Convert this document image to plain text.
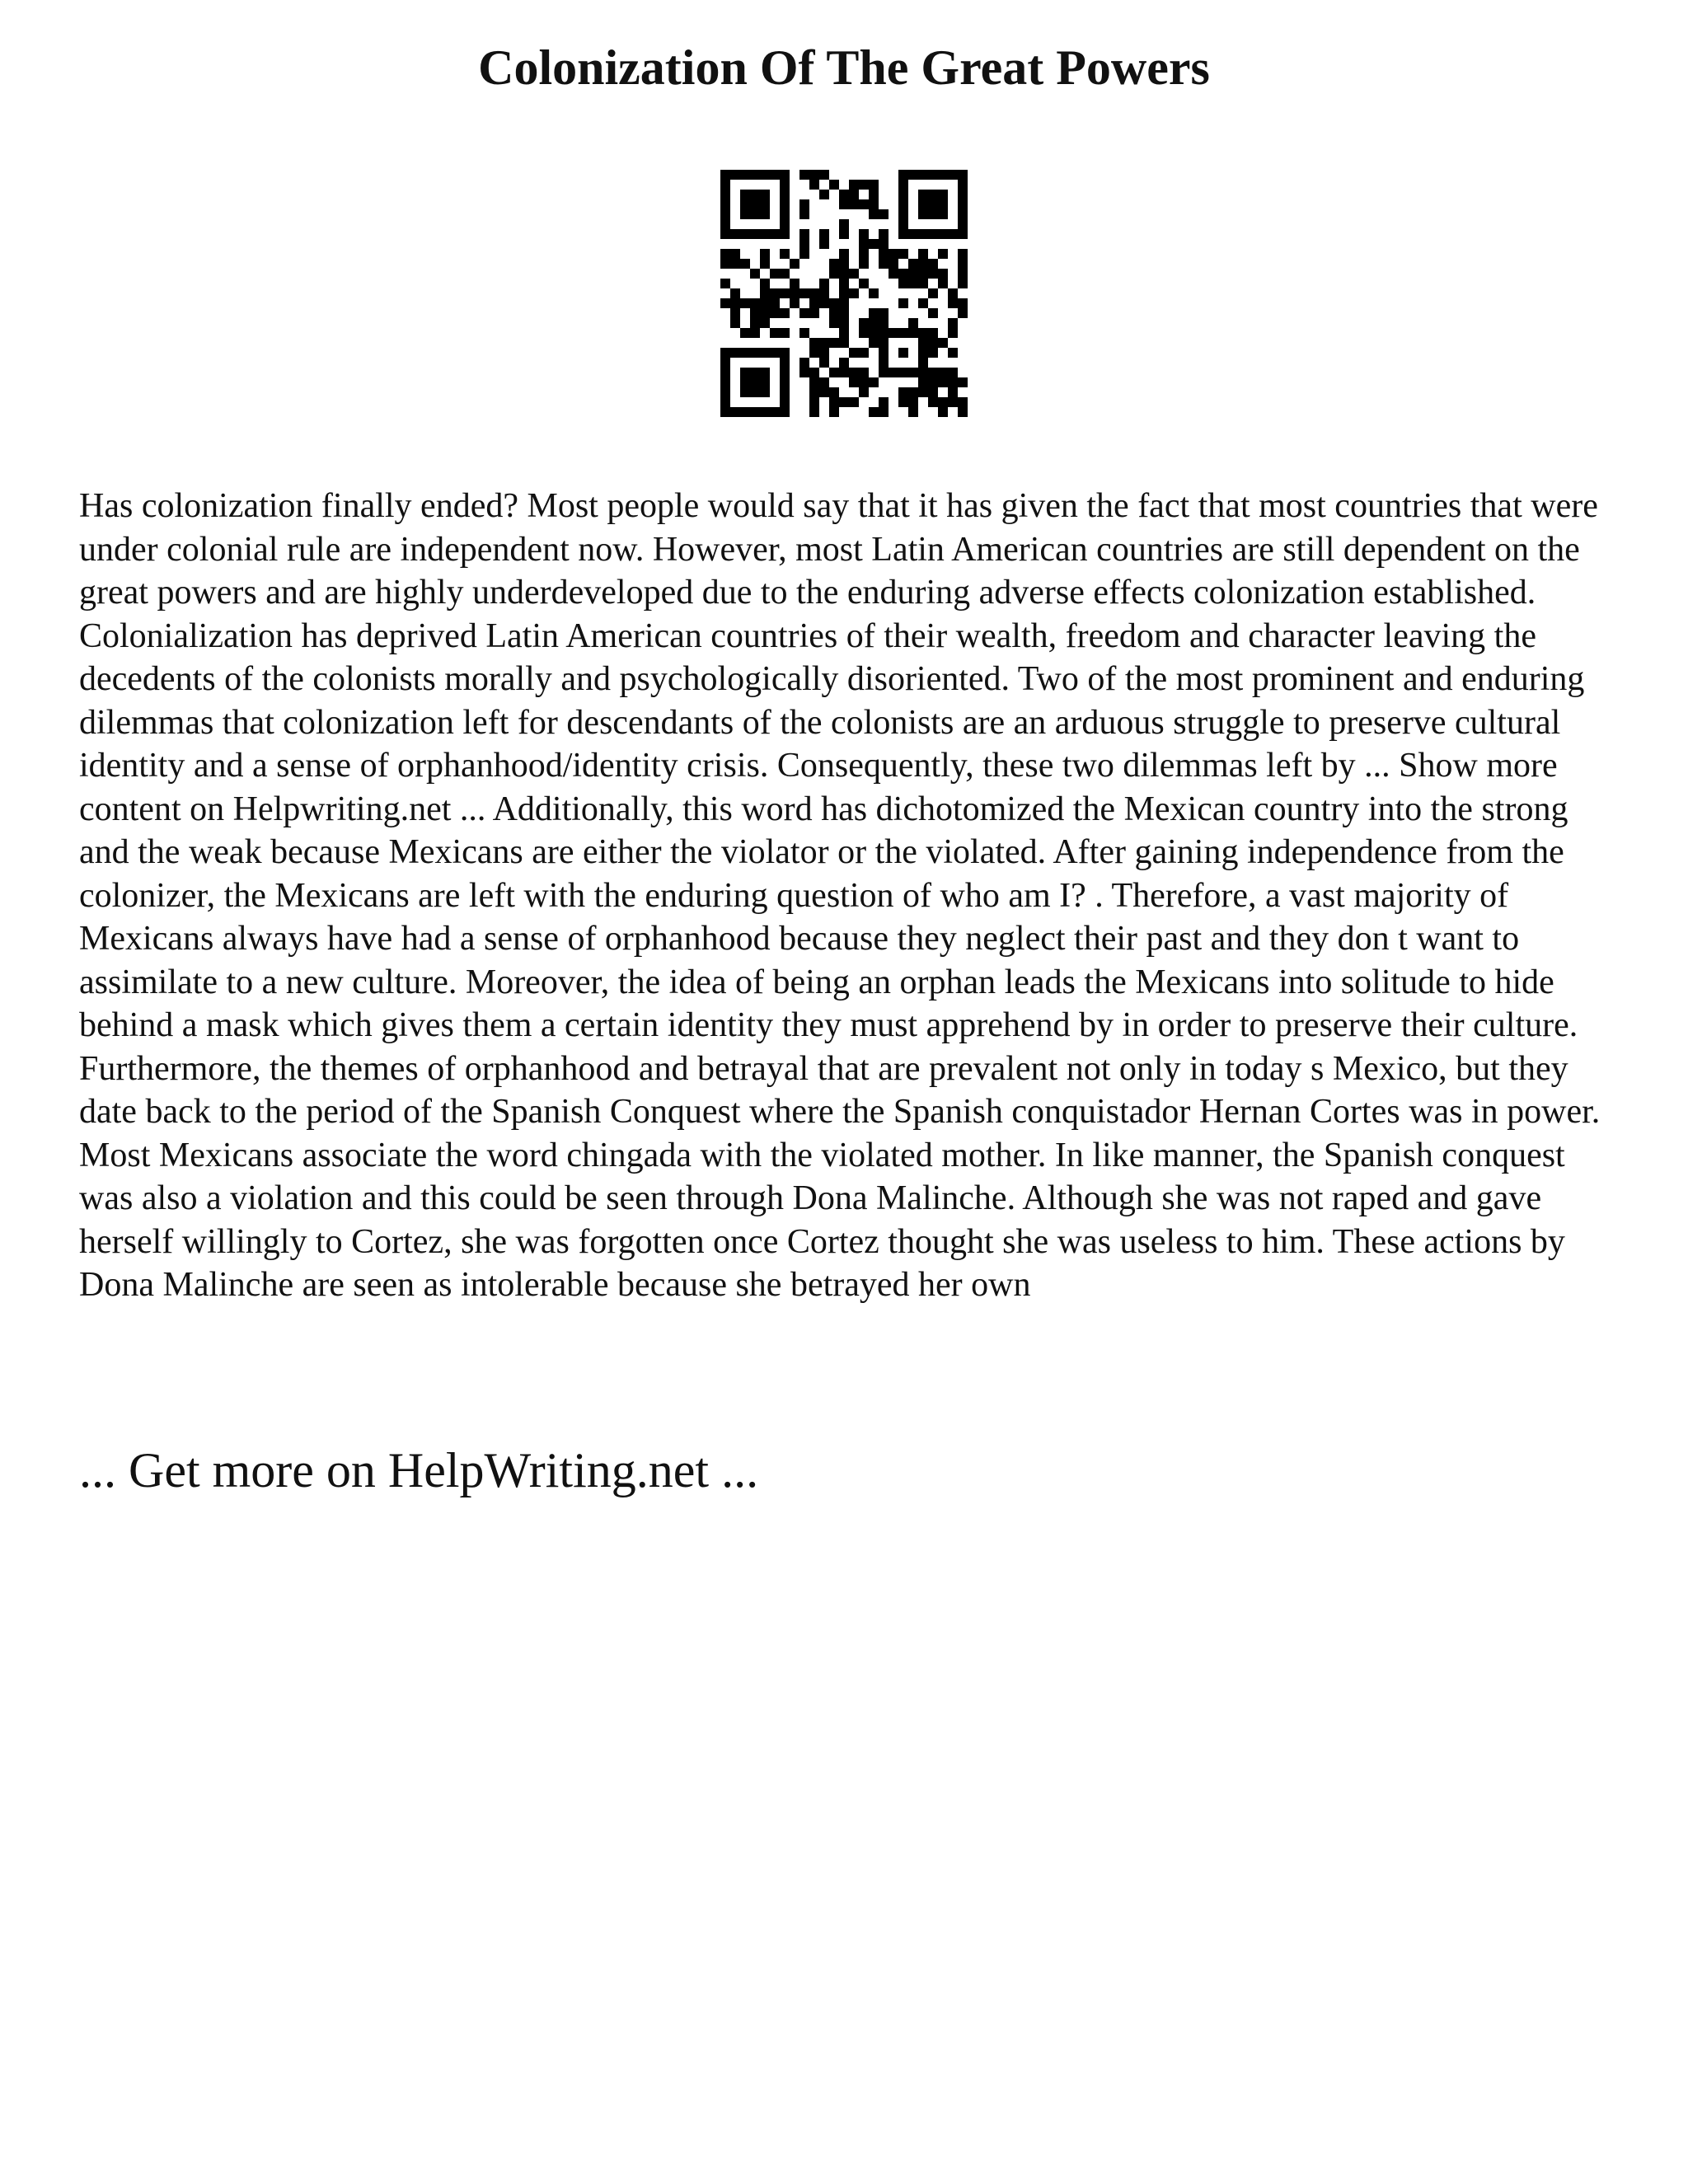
Colonization Of The Great Powers

Has colonization finally ended? Most people would say that it has given the fact that most countries that were under colonial rule are independent now. However, most Latin American countries are still dependent on the great powers and are highly underdeveloped due to the enduring adverse effects colonization established. Colonialization has deprived Latin American countries of their wealth, freedom and character leaving the decedents of the colonists morally and psychologically disoriented. Two of the most prominent and enduring dilemmas that colonization left for descendants of the colonists are an arduous struggle to preserve cultural identity and a sense of orphanhood/identity crisis. Consequently, these two dilemmas left by ... Show more content on Helpwriting.net ... Additionally, this word has dichotomized the Mexican country into the strong and the weak because Mexicans are either the violator or the violated. After gaining independence from the colonizer, the Mexicans are left with the enduring question of who am I? . Therefore, a vast majority of Mexicans always have had a sense of orphanhood because they neglect their past and they don t want to assimilate to a new culture. Moreover, the idea of being an orphan leads the Mexicans into solitude to hide behind a mask which gives them a certain identity they must apprehend by in order to preserve their culture. Furthermore, the themes of orphanhood and betrayal that are prevalent not only in today s Mexico, but they date back to the period of the Spanish Conquest where the Spanish conquistador Hernan Cortes was in power. Most Mexicans associate the word chingada with the violated mother. In like manner, the Spanish conquest was also a violation and this could be seen through Dona Malinche. Although she was not raped and gave herself willingly to Cortez, she was forgotten once Cortez thought she was useless to him. These actions by Dona Malinche are seen as intolerable because she betrayed her own

... Get more on HelpWriting.net ...
